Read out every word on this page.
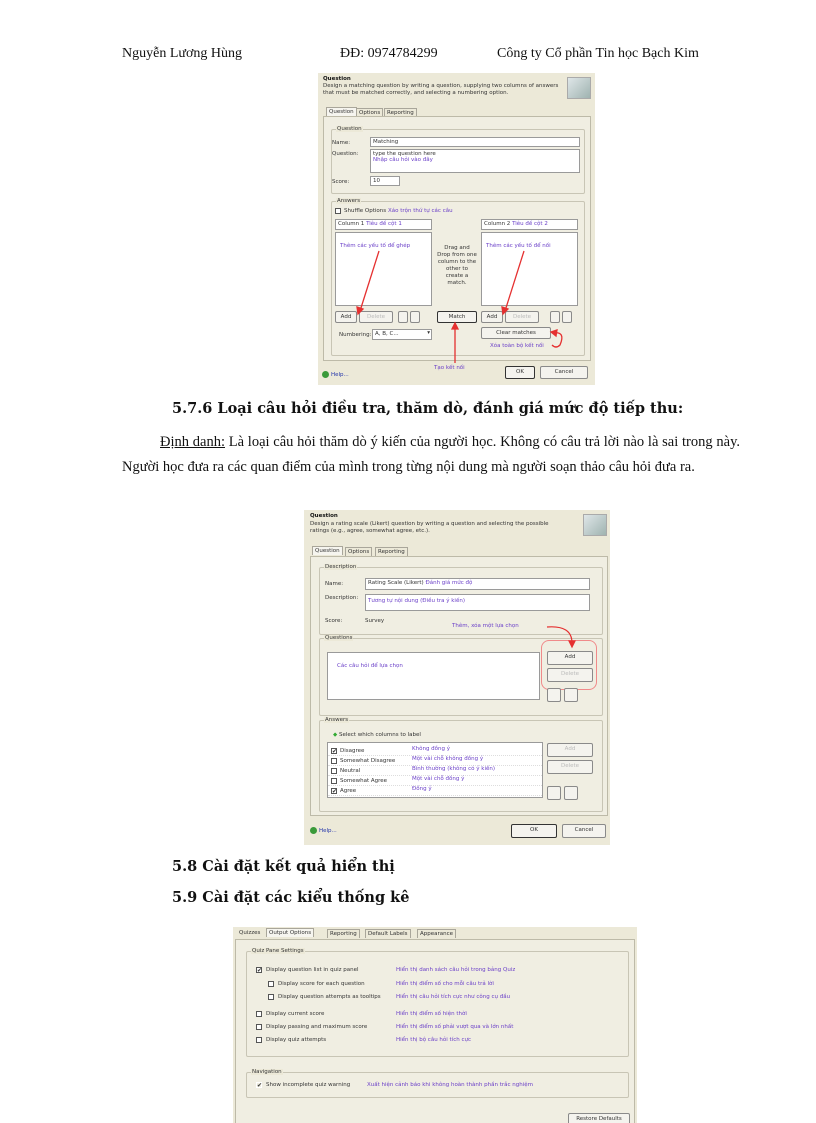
Nguyễn Lương Hùng	ĐĐ: 0974784299	Công ty Cổ phần Tin học Bạch Kim
Question
Design a matching question by writing a question, supplying two columns of answers
that must be matched correctly, and selecting a numbering option.
Question Options	Reporting
Question
Answers
Name:	Matching
Question:	type the question here
Nhập câu hỏi vào đây
Score:	10
Shuffle Options Xáo trộn thứ tự các câu
Column 1 Tiêu đề cột 1	Column 2 Tiêu đề cột 2
Thêm các yếu tố để ghép	Thêm các yếu tố để nối
Drag and Drop from one column to the other to create a match.
Add	Delete	Match	Add	Delete
Numbering: A, B, C...	▾	Clear matches
Xóa toàn bộ kết nối
Tạo kết nối
Help...	OK	Cancel
5.7.6 Loại câu hỏi điều tra, thăm dò, đánh giá mức độ tiếp thu:
Định danh: Là loại câu hỏi thăm dò ý kiến của người học. Không có câu trả lời nào là sai trong này. Người học đưa ra các quan điểm của mình trong từng nội dung mà người soạn thảo câu hỏi đưa ra.
Question
Design a rating scale (Likert) question by writing a question and selecting the possible
ratings (e.g., agree, somewhat agree, etc.).
Question	Options	Reporting
Description
Questions
Answers
Name:	Rating Scale (Likert) Đánh giá mức độ
Description:	Tương tự nội dung (Điều tra ý kiến)
Score:	Survey
Thêm, xóa một lựa chọn
Các câu hỏi để lựa chọn
Add
Delete
◆ Select which columns to label
✔ Disagree	Không đồng ý
Somewhat Disagree	Một vài chỗ không đồng ý
Neutral	Bình thường (không có ý kiến)
Somewhat Agree	Một vài chỗ đồng ý
✔ Agree	Đồng ý
Add
Delete
Help...	OK	Cancel
5.8 Cài đặt kết quả hiển thị
5.9 Cài đặt các kiểu thống kê
Quizzes	Output Options	Reporting	Default Labels	Appearance
Quiz Pane Settings
✔ Display question list in quiz panel	Hiển thị danh sách câu hỏi trong bảng Quiz
Display score for each question	Hiển thị điểm số cho mỗi câu trả lời
Display question attempts as tooltips	Hiển thị câu hỏi tích cực như công cụ đầu
Display current score	Hiển thị điểm số hiện thời
Display passing and maximum score	Hiển thị điểm số phải vượt qua và lớn nhất
Display quiz attempts	Hiển thị bộ câu hỏi tích cực
Navigation
✔ Show incomplete quiz warning	Xuất hiện cảnh báo khi không hoàn thành phần trắc nghiệm
Restore Defaults
